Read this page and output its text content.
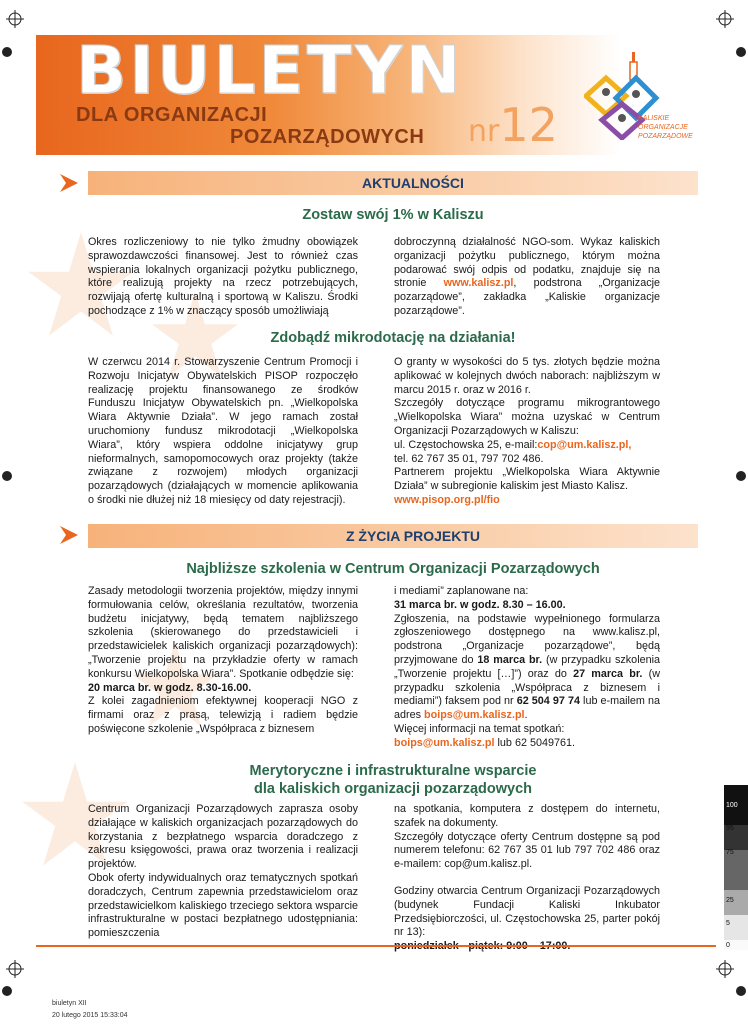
BIULETYN
DLA ORGANIZACJI
POZARZĄDOWYCH nr12	KALISKIE ORGANIZACJE POZARZĄDOWE
AKTUALNOŚCI
Zostaw swój 1% w Kaliszu

Okres rozliczeniowy to nie tylko żmudny obowiązek sprawozdawczości finansowej. Jest to również czas wspierania lokalnych organizacji pożytku publicznego, które realizują projekty na rzecz potrzebujących, rozwijają ofertę kulturalną i sportową w Kaliszu. Środki pochodzące z 1% w znaczący sposób umożliwiają

dobroczynną działalność NGO-som. Wykaz kaliskich organizacji pożytku publicznego, którym można podarować swój odpis od podatku, znajduje się na stronie www.kalisz.pl, podstrona „Organizacje pozarządowe”, zakładka „Kaliskie organizacje pozarządowe”.

Zdobądź mikrodotację na działania!

W czerwcu 2014 r. Stowarzyszenie Centrum Promocji i Rozwoju Inicjatyw Obywatelskich PISOP rozpoczęło realizację projektu finansowanego ze środków Funduszu Inicjatyw Obywatelskich pn. „Wielkopolska Wiara Aktywnie Działa”. W jego ramach został uruchomiony fundusz mikrodotacji „Wielkopolska Wiara”, który wspiera oddolne inicjatywy grup nieformalnych, samopomocowych oraz projekty (także związane z rozwojem) młodych organizacji pozarządowych (działających w momencie aplikowania o środki nie dłużej niż 18 miesięcy od daty rejestracji).

O granty w wysokości do 5 tys. złotych będzie można aplikować w kolejnych dwóch naborach: najbliższym w marcu 2015 r. oraz w 2016 r.

Szczegóły dotyczące programu mikrograntowego „Wielkopolska Wiara” można uzyskać w Centrum Organizacji Pozarządowych w Kaliszu:

ul. Częstochowska 25, e-mail:cop@um.kalisz.pl,

tel. 62 767 35 01, 797 702 486.

Partnerem projektu „Wielkopolska Wiara Aktywnie Działa” w subregionie kaliskim jest Miasto Kalisz.

www.pisop.org.pl/fio

Z ŻYCIA PROJEKTU
Najbliższe szkolenia w Centrum Organizacji Pozarządowych

Zasady metodologii tworzenia projektów, między innymi formułowania celów, określania rezultatów, tworzenia budżetu inicjatywy, będą tematem najbliższego szkolenia (skierowanego do przedstawicieli i przedstawicielek kaliskich organizacji pozarządowych):„Tworzenie projektu na przykładzie oferty w ramach konkursu Wielkopolska Wiara”. Spotkanie odbędzie się:

20 marca br. w godz. 8.30-16.00.

Z kolei zagadnieniom efektywnej kooperacji NGO z firmami oraz z prasą, telewizją i radiem będzie poświęcone szkolenie „Współpraca z biznesem

i mediami” zaplanowane na:

31 marca br. w godz. 8.30 – 16.00.

Zgłoszenia, na podstawie wypełnionego formularza zgłoszeniowego dostępnego na www.kalisz.pl, podstrona „Organizacje pozarządowe”, będą przyjmowane do 18 marca br. (w przypadku szkolenia „Tworzenie projektu […]”) oraz do 27 marca br. (w przypadku szkolenia „Współpraca z biznesem i mediami”) faksem pod nr 62 504 97 74 lub e-mailem na adres boips@um.kalisz.pl.

Więcej informacji na temat spotkań:

boips@um.kalisz.pl lub 62 5049761.

Merytoryczne i infrastrukturalne wsparcie
dla kaliskich organizacji pozarządowych

Centrum Organizacji Pozarządowych zaprasza osoby działające w kaliskich organizacjach pozarządowych do korzystania z bezpłatnego wsparcia doradczego z zakresu księgowości, prawa oraz tworzenia i realizacji projektów.

Obok oferty indywidualnych oraz tematycznych spotkań doradczych, Centrum zapewnia przedstawicielom oraz przedstawicielkom kaliskiego trzeciego sektora wsparcie infrastrukturalne w postaci bezpłatnego udostępniania: pomieszczenia

na spotkania, komputera z dostępem do internetu, szafek na dokumenty.

Szczegóły dotyczące oferty Centrum dostępne są pod numerem telefonu: 62 767 35 01 lub 797 702 486 oraz e-mailem: cop@um.kalisz.pl.

Godziny otwarcia Centrum Organizacji Pozarządowych (budynek Fundacji Kaliski Inkubator Przedsiębiorczości, ul. Częstochowska 25, parter pokój nr 13):

100
95
75
25
5
0
biuletyn XII
20 lutego 2015 15:33:04
